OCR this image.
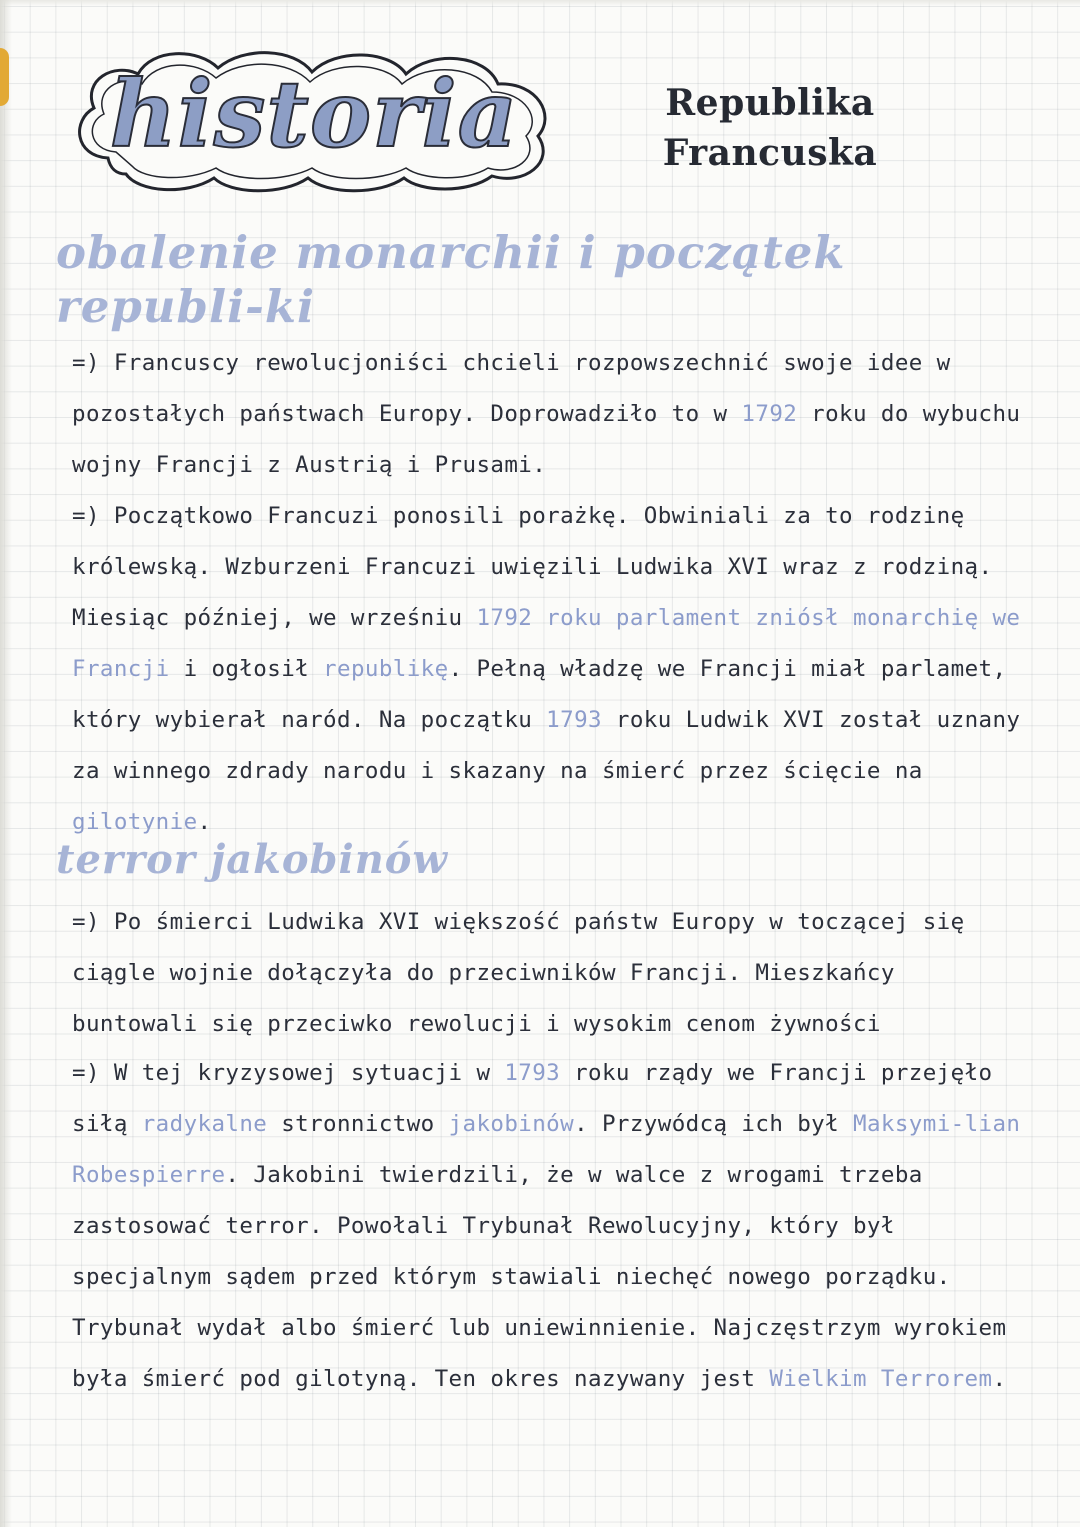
historia	Republika
Francuska
obalenie monarchii i początek republi-ki
=) Francuscy rewolucjoniści chcieli rozpowszechnić swoje idee w pozostałych państwach Europy. Doprowadziło to w 1792 roku do wybuchu wojny Francji z Austrią i Prusami.
=) Początkowo Francuzi ponosili porażkę. Obwiniali za to rodzinę królewską. Wzburzeni Francuzi uwięzili Ludwika XVI wraz z rodziną. Miesiąc później, we wrześniu 1792 roku parlament zniósł monarchię we Francji i ogłosił republikę. Pełną władzę we Francji miał parlamet, który wybierał naród. Na początku 1793 roku Ludwik XVI został uznany za winnego zdrady narodu i skazany na śmierć przez ścięcie na gilotynie.
terror jakobinów
=) Po śmierci Ludwika XVI większość państw Europy w toczącej się ciągle wojnie dołączyła do przeciwników Francji. Mieszkańcy buntowali się przeciwko rewolucji i wysokim cenom żywności
=) W tej kryzysowej sytuacji w 1793 roku rządy we Francji przejęło siłą radykalne stronnictwo jakobinów. Przywódcą ich był Maksymi-lian Robespierre. Jakobini twierdzili, że w walce z wrogami trzeba zastosować terror. Powołali Trybunał Rewolucyjny, który był specjalnym sądem przed którym stawiali niechęć nowego porządku. Trybunał wydał albo śmierć lub uniewinnienie. Najczęstrzym wyrokiem była śmierć pod gilotyną. Ten okres nazywany jest Wielkim Terrorem.
